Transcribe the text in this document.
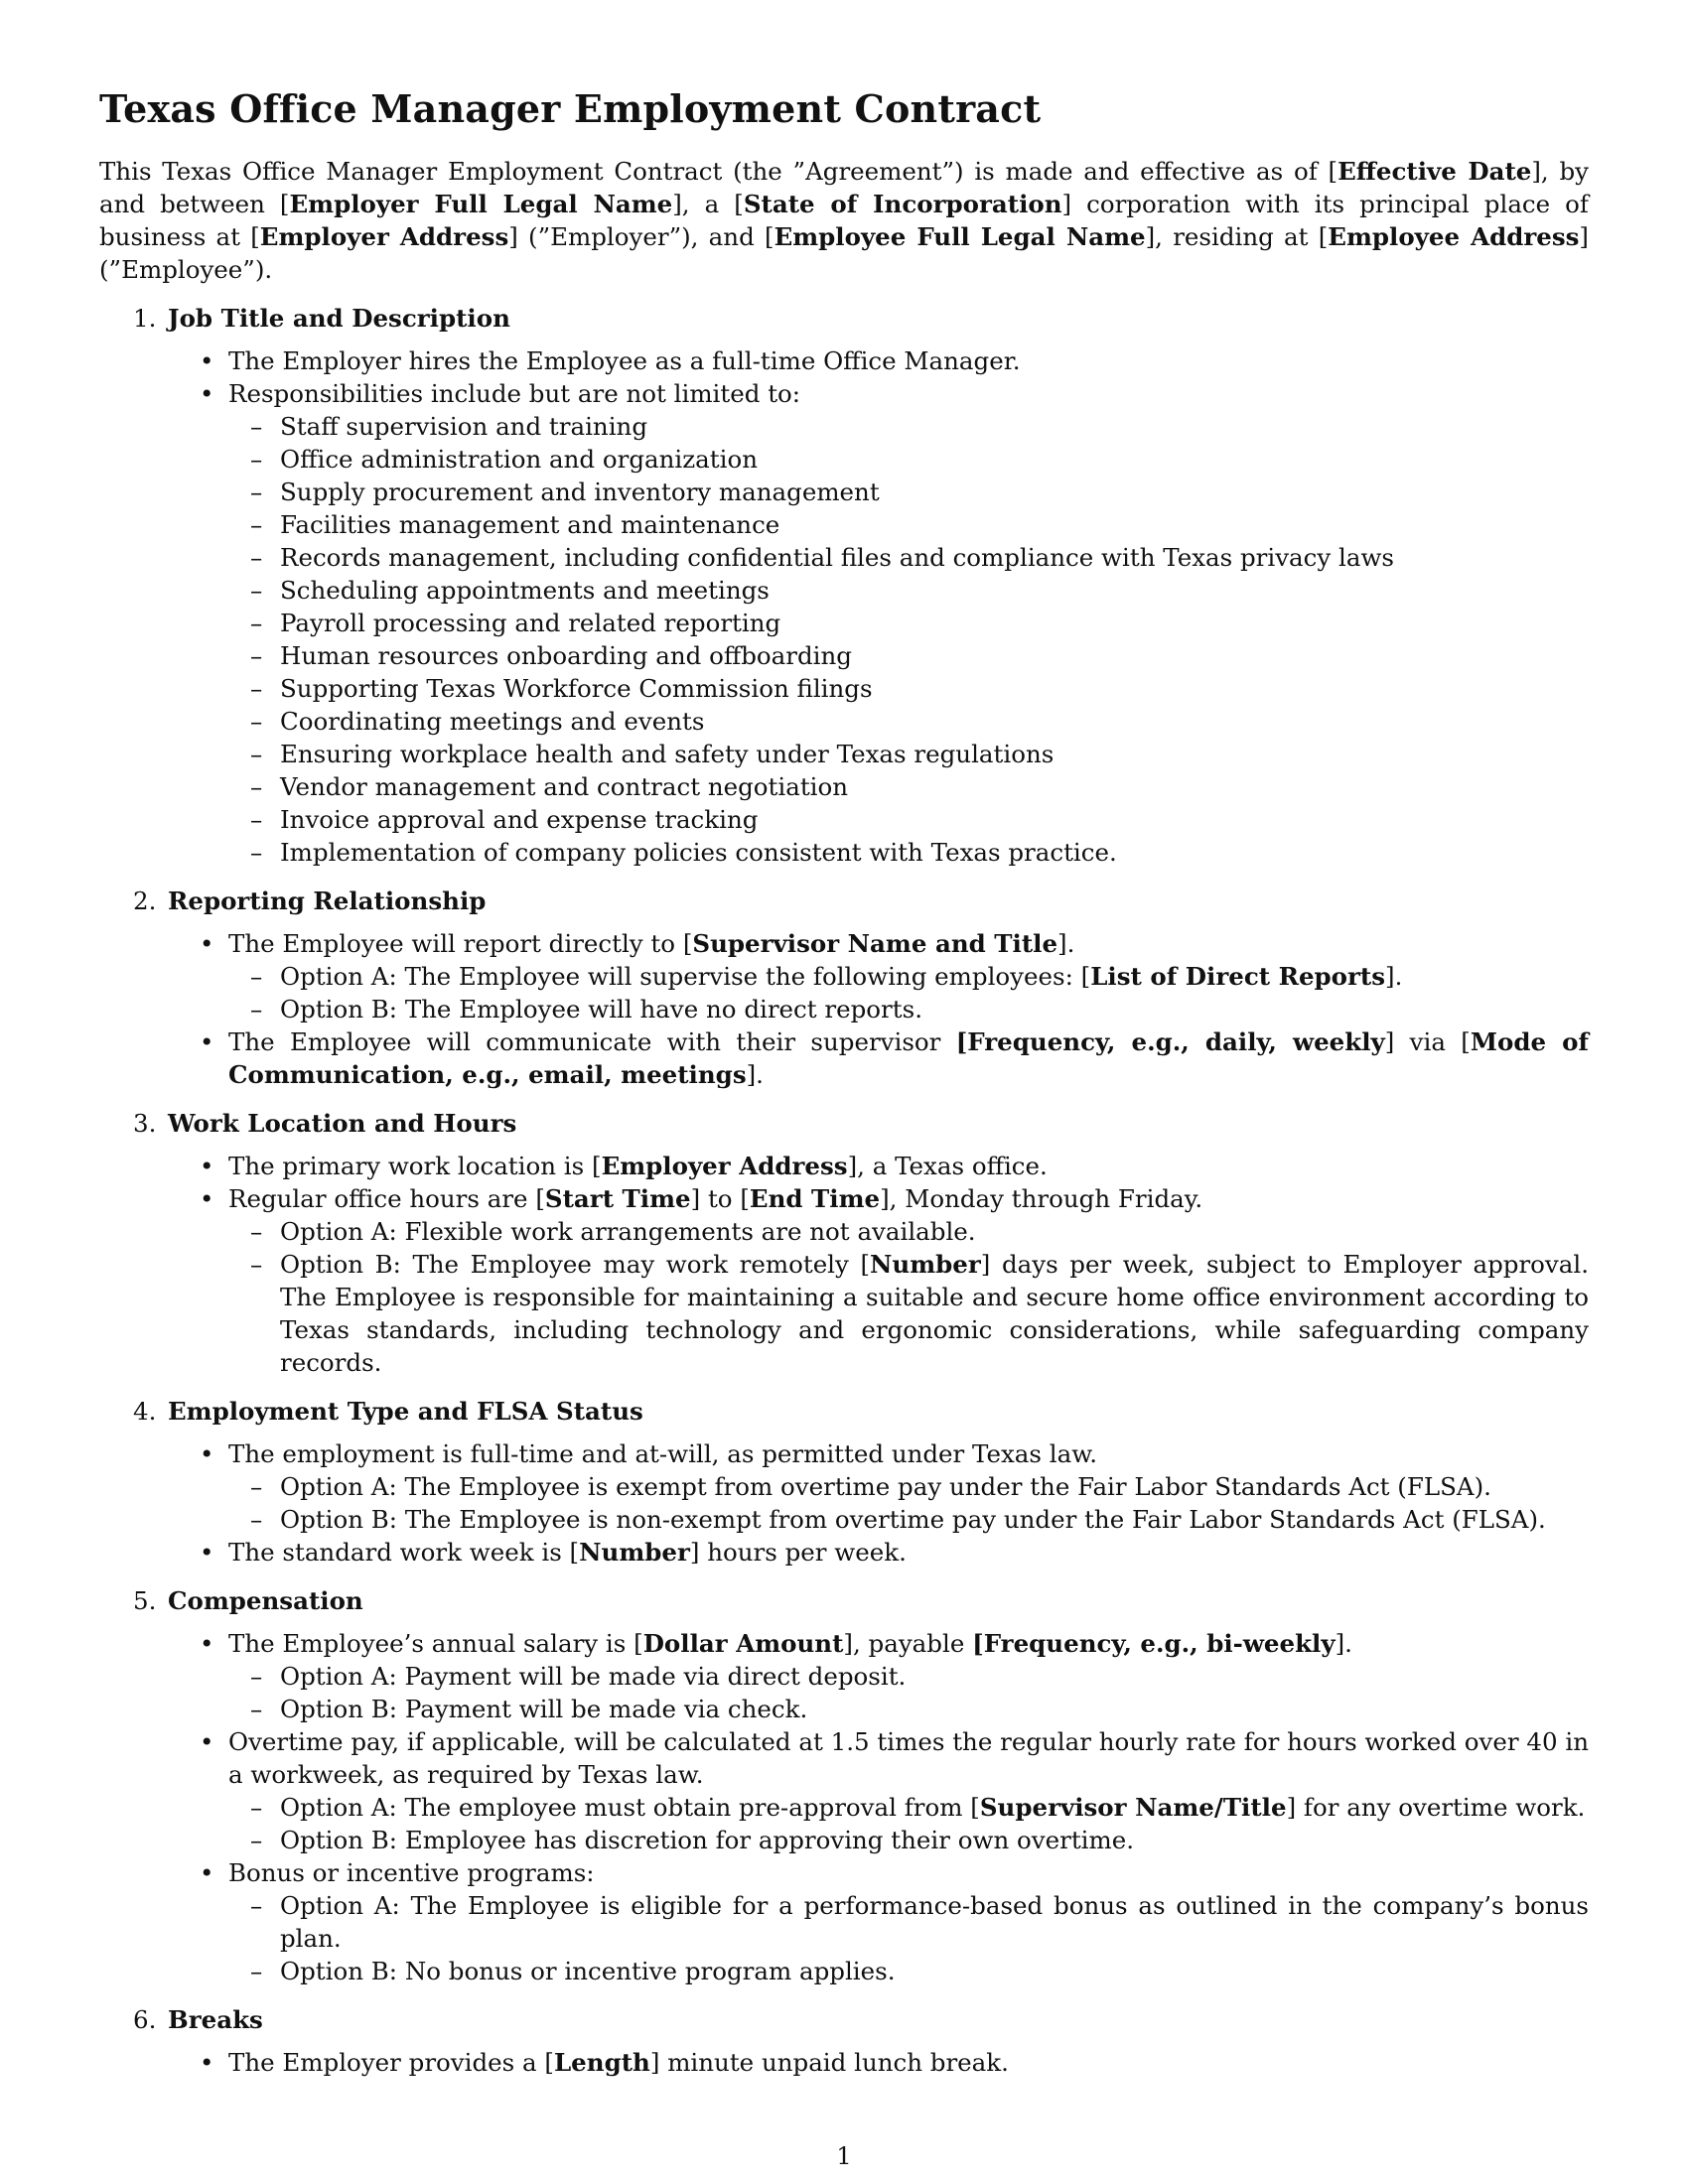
Texas Office Manager Employment Contract

This Texas Office Manager Employment Contract (the ”Agreement”) is made and effective as of [Effective Date], by and between [Employer Full Legal Name], a [State of Incorporation] corporation with its principal place of business at [Employer Address] (”Employer”), and [Employee Full Legal Name], residing at [Employee Address] (”Employee”).

1. Job Title and Description
• The Employer hires the Employee as a full-time Office Manager.
• Responsibilities include but are not limited to:
– Staff supervision and training
– Office administration and organization
– Supply procurement and inventory management
– Facilities management and maintenance
– Records management, including confidential files and compliance with Texas privacy laws
– Scheduling appointments and meetings
– Payroll processing and related reporting
– Human resources onboarding and offboarding
– Supporting Texas Workforce Commission filings
– Coordinating meetings and events
– Ensuring workplace health and safety under Texas regulations
– Vendor management and contract negotiation
– Invoice approval and expense tracking
– Implementation of company policies consistent with Texas practice.
2. Reporting Relationship
• The Employee will report directly to [Supervisor Name and Title].
– Option A: The Employee will supervise the following employees: [List of Direct Reports].
– Option B: The Employee will have no direct reports.
• The Employee will communicate with their supervisor [Frequency, e.g., daily, weekly] via [Mode of Communication, e.g., email, meetings].
3. Work Location and Hours
• The primary work location is [Employer Address], a Texas office.
• Regular office hours are [Start Time] to [End Time], Monday through Friday.
– Option A: Flexible work arrangements are not available.
– Option B: The Employee may work remotely [Number] days per week, subject to Employer approval. The Employee is responsible for maintaining a suitable and secure home office environment according to Texas standards, including technology and ergonomic considerations, while safeguarding company records.
4. Employment Type and FLSA Status
• The employment is full-time and at-will, as permitted under Texas law.
– Option A: The Employee is exempt from overtime pay under the Fair Labor Standards Act (FLSA).
– Option B: The Employee is non-exempt from overtime pay under the Fair Labor Standards Act (FLSA).
• The standard work week is [Number] hours per week.
5. Compensation
• The Employee’s annual salary is [Dollar Amount], payable [Frequency, e.g., bi-weekly].
– Option A: Payment will be made via direct deposit.
– Option B: Payment will be made via check.
• Overtime pay, if applicable, will be calculated at 1.5 times the regular hourly rate for hours worked over 40 in a workweek, as required by Texas law.
– Option A: The employee must obtain pre-approval from [Supervisor Name/Title] for any overtime work.
– Option B: Employee has discretion for approving their own overtime.
• Bonus or incentive programs:
– Option A: The Employee is eligible for a performance-based bonus as outlined in the company’s bonus plan.
– Option B: No bonus or incentive program applies.
6. Breaks
• The Employer provides a [Length] minute unpaid lunch break.
1
